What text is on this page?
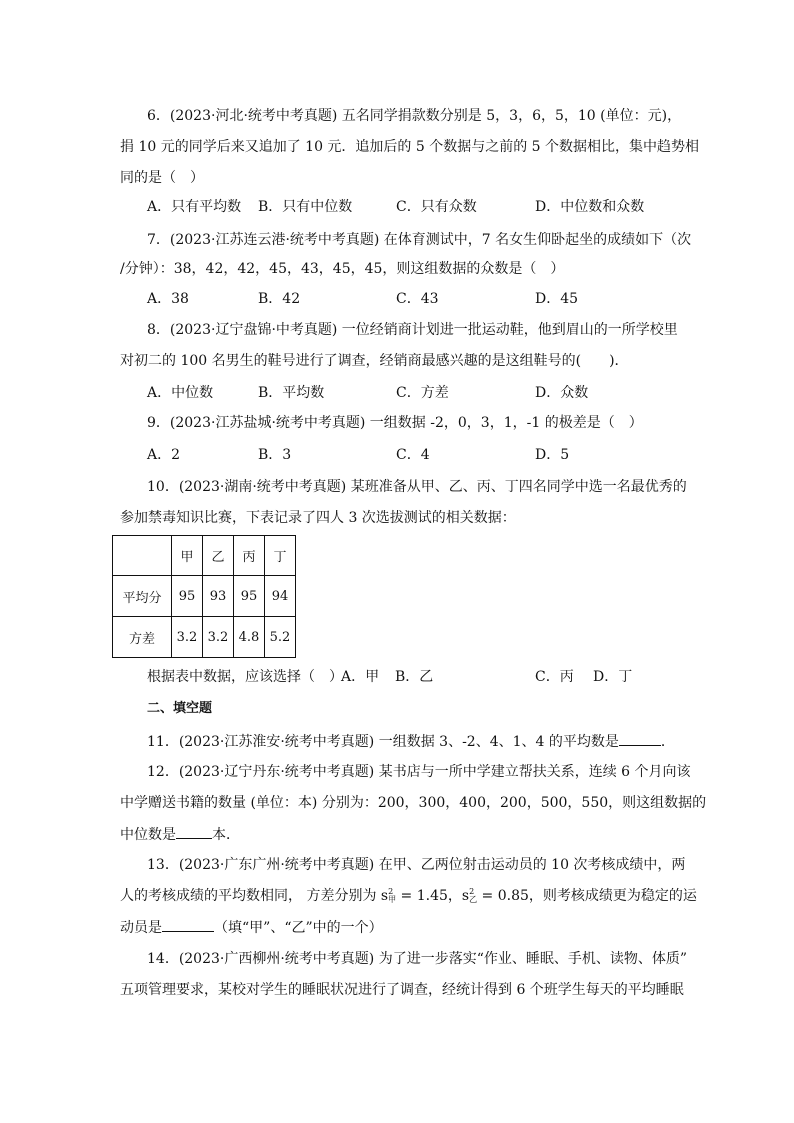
6．(2023·河北·统考中考真题) 五名同学捐款数分别是 5，3，6，5，10 (单位：元)，
捐 10 元的同学后来又追加了 10 元．追加后的 5 个数据与之前的 5 个数据相比，集中趋势相
同的是（　）
A．只有平均数 B．只有中位数	C．只有众数	D．中位数和众数
7．(2023·江苏连云港·统考中考真题) 在体育测试中，7 名女生仰卧起坐的成绩如下（次
/分钟）：38，42，42，45，43，45，45，则这组数据的众数是（　）
A．38	B．42	C．43	D．45
8．(2023·辽宁盘锦·中考真题) 一位经销商计划进一批运动鞋，他到眉山的一所学校里
对初二的 100 名男生的鞋号进行了调查，经销商最感兴趣的是这组鞋号的(　　)．
A．中位数	B．平均数	C．方差	D．众数
9．(2023·江苏盐城·统考中考真题) 一组数据 -2，0，3，1，-1 的极差是（　）
A．2	B．3	C．4	D．5
10．(2023·湖南·统考中考真题) 某班准备从甲、乙、丙、丁四名同学中选一名最优秀的
参加禁毒知识比赛，下表记录了四人 3 次选拔测试的相关数据：
	甲	乙	丙	丁
平均分	95	93	95	94
方差	3.2	3.2	4.8	5.2
根据表中数据，应该选择（　）
A．甲 B．乙	C．丙 D．丁
二、填空题
11．(2023·江苏淮安·统考中考真题) 一组数据 3、-2、4、1、4 的平均数是	．
12．(2023·辽宁丹东·统考中考真题) 某书店与一所中学建立帮扶关系，连续 6 个月向该
中学赠送书籍的数量 (单位：本) 分别为：200，300，400，200，500，550，则这组数据的
中位数是	本．
13．(2023·广东广州·统考中考真题) 在甲、乙两位射击运动员的 10 次考核成绩中，两
人的考核成绩的平均数相同， 方差分别为 s 2
甲 = 1.45，s 2
乙 = 0.85，则考核成绩更为稳定的运
动员是	（填“甲”、“乙”中的一个）
14．(2023·广西柳州·统考中考真题) 为了进一步落实“作业、睡眠、手机、读物、体质”
五项管理要求，某校对学生的睡眠状况进行了调查，经统计得到 6 个班学生每天的平均睡眠
